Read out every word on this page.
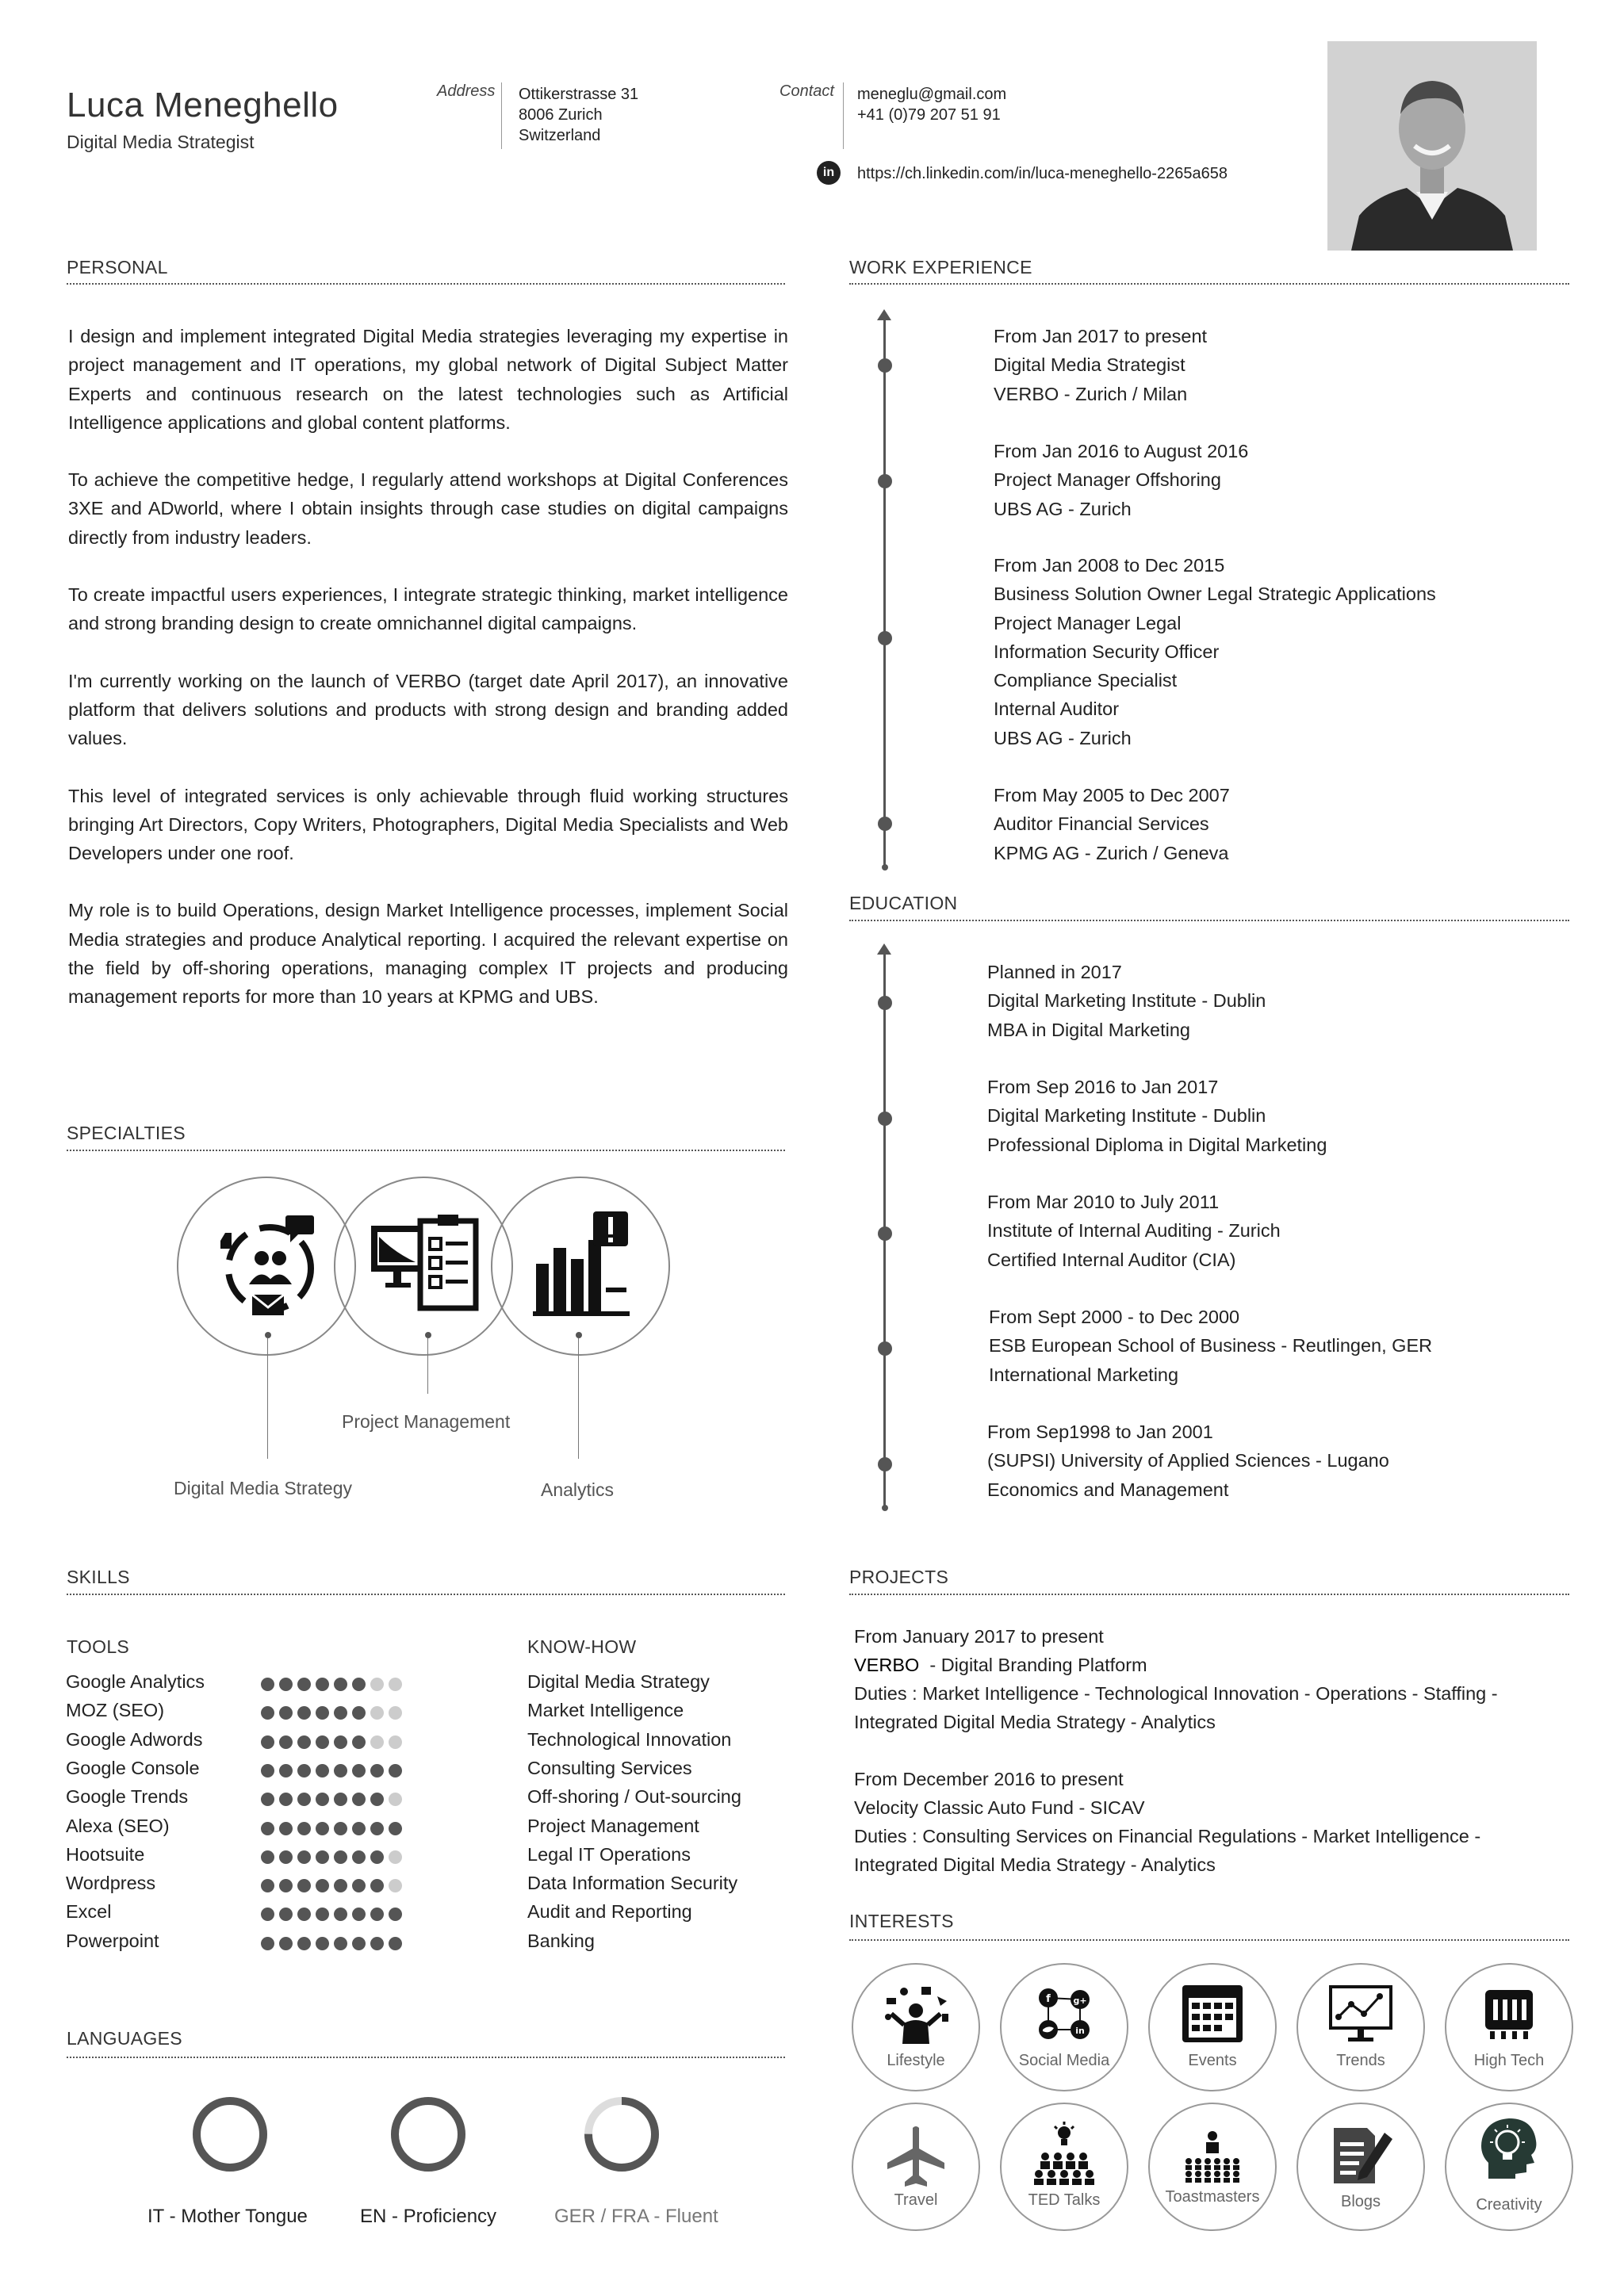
Luca Meneghello
Digital Media Strategist
Address Ottikerstrasse 31
8006 Zurich
Switzerland
Contact meneglu@gmail.com
+41 (0)79 207 51 91
in	https://ch.linkedin.com/in/luca-meneghello-2265a658
PERSONAL

I design and implement integrated Digital Media strategies leveraging my expertise in project management and IT operations, my global network of Digital Subject Matter Experts and continuous research on the latest technologies such as Artificial Intelligence applications and global content platforms.

To achieve the competitive hedge, I regularly attend workshops at Digital Conferences 3XE and ADworld, where I obtain insights through case studies on digital campaigns directly from industry leaders.

To create impactful users experiences, I integrate strategic thinking, market intelligence and strong branding design to create omnichannel digital campaigns.

I'm currently working on the launch of VERBO (target date April 2017), an innovative platform that delivers solutions and products with strong design and branding added values.

This level of integrated services is only achievable through fluid working structures bringing Art Directors, Copy Writers, Photographers, Digital Media Specialists and Web Developers under one roof.

My role is to build Operations, design Market Intelligence processes, implement Social Media strategies and produce Analytical reporting. I acquired the relevant expertise on the field by off-shoring operations, managing complex IT projects and producing management reports for more than 10 years at KPMG and UBS.

SPECIALTIES
Digital Media Strategy
Project Management
Analytics
WORK EXPERIENCE
From Jan 2017 to present
Digital Media Strategist
VERBO - Zurich / Milan
From Jan 2016 to August 2016
Project Manager Offshoring
UBS AG - Zurich
From Jan 2008 to Dec 2015
Business Solution Owner Legal Strategic Applications
Project Manager Legal
Information Security Officer
Compliance Specialist
Internal Auditor
UBS AG - Zurich
From May 2005 to Dec 2007
Auditor Financial Services
KPMG AG - Zurich / Geneva
EDUCATION
Planned in 2017
Digital Marketing Institute - Dublin
MBA in Digital Marketing
From Sep 2016 to Jan 2017
Digital Marketing Institute - Dublin
Professional Diploma in Digital Marketing
From Mar 2010 to July 2011
Institute of Internal Auditing - Zurich
Certified Internal Auditor (CIA)
From Sept 2000 - to Dec 2000
ESB European School of Business - Reutlingen, GER
International Marketing
From Sep1998 to Jan 2001
(SUPSI) University of Applied Sciences - Lugano
Economics and Management
SKILLS
TOOLS	KNOW-HOW
Google Analytics
MOZ (SEO)
Google Adwords
Google Console
Google Trends
Alexa (SEO)
Hootsuite
Wordpress
Excel
Powerpoint
Digital Media Strategy
Market Intelligence
Technological Innovation
Consulting Services
Off-shoring / Out-sourcing
Project Management
Legal IT Operations
Data Information Security
Audit and Reporting
Banking
LANGUAGES
IT - Mother Tongue	EN - Proficiency	GER / FRA - Fluent
PROJECTS
From January 2017 to present
VERBO  - Digital Branding Platform
Duties : Market Intelligence - Technological Innovation - Operations - Staffing -
Integrated Digital Media Strategy - Analytics
From December 2016 to present
Velocity Classic Auto Fund - SICAV
Duties : Consulting Services on Financial Regulations - Market Intelligence -
Integrated Digital Media Strategy - Analytics
INTERESTS
Lifestyle
f	g+
in
Social Media	Events	Trends	High Tech
Travel	TED Talks	Toastmasters	Blogs	Creativity
